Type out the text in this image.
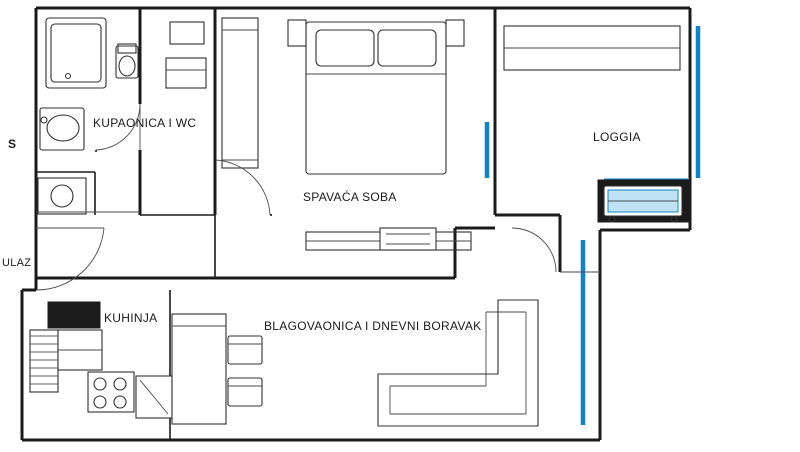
KUPAONICA I WC
SPAVAĆA SOBA
LOGGIA
KUHINJA
BLAGOVAONICA I DNEVNI BORAVAK
S
ULAZ
